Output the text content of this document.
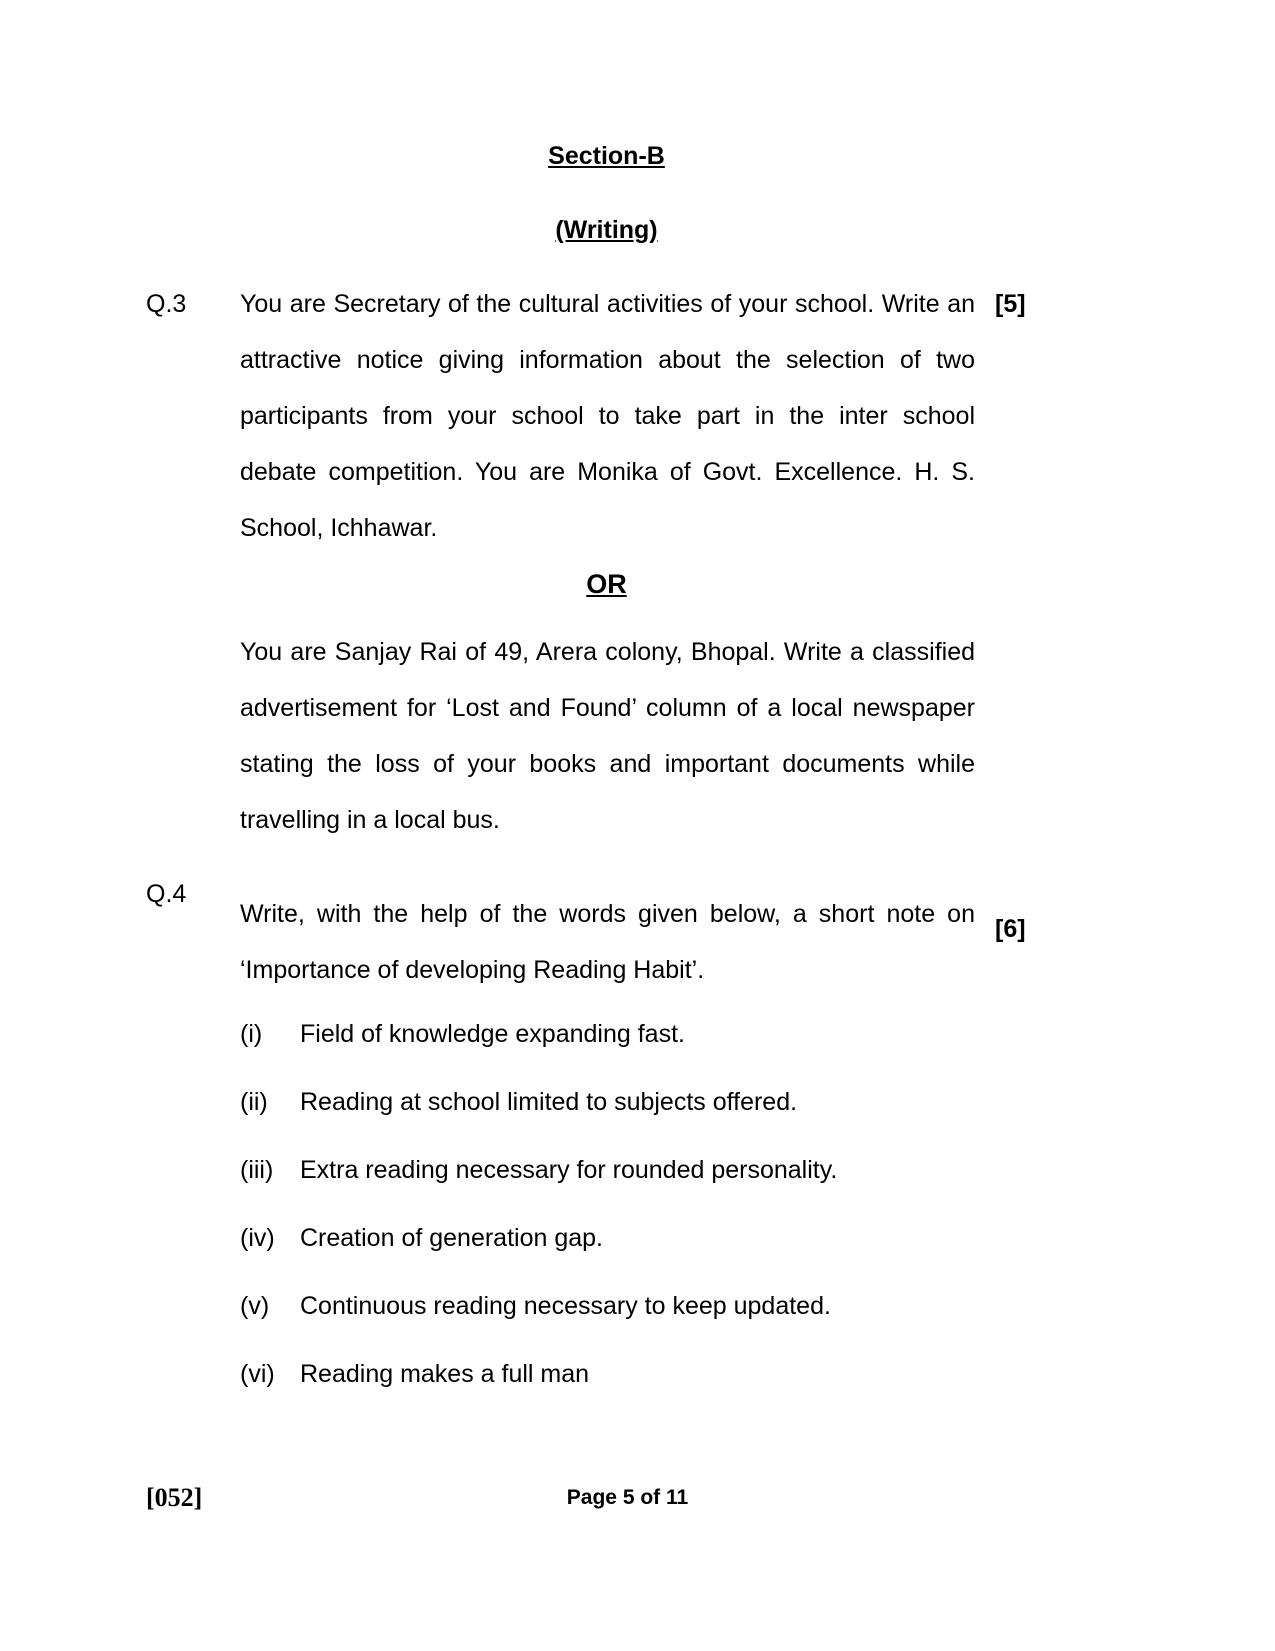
Section-B
(Writing)
Q.3	[5]
You are Secretary of the cultural activities of your school. Write an attractive notice giving information about the selection of two participants from your school to take part in the inter school debate competition. You are Monika of Govt. Excellence. H. S. School, Ichhawar.
OR
You are Sanjay Rai of 49, Arera colony, Bhopal. Write a classified advertisement for ‘Lost and Found’ column of a local newspaper stating the loss of your books and important documents while travelling in a local bus.
Q.4
[6]
Write, with the help of the words given below, a short note on ‘Importance of developing Reading Habit’.
(i)	Field of knowledge expanding fast.
(ii)	Reading at school limited to subjects offered.
(iii)	Extra reading necessary for rounded personality.
(iv)	Creation of generation gap.
(v)	Continuous reading necessary to keep updated.
(vi)	Reading makes a full man
[052]	Page 5 of 11
